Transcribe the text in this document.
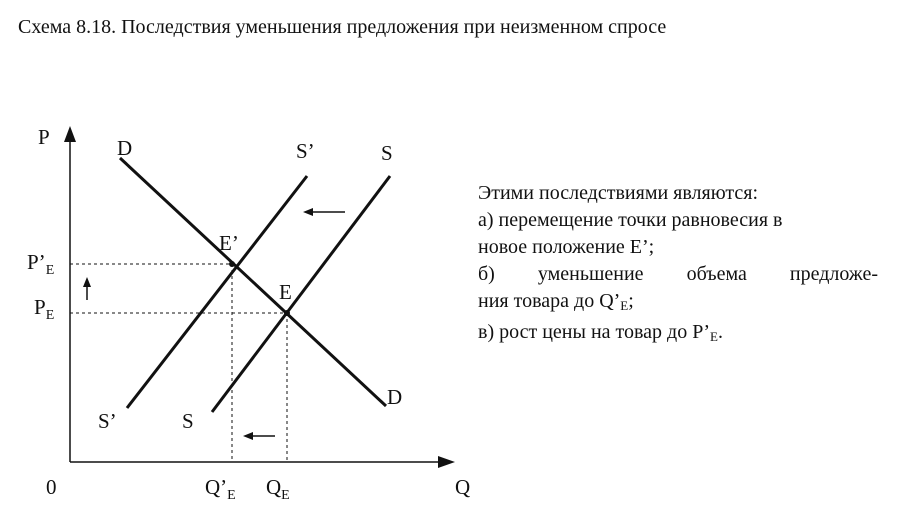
Схема 8.18. Последствия уменьшения предложения при неизменном спросе
P
Q
0
D
D
S’
S’
S
S
E’
E
$P’_E$
$P_E$
$Q’_E$ $Q_E$
Этими последствиями являются:
а) перемещение точки равновесия в
новое положение E’;
б) уменьшение объема предложе-
ния товара до $Q’_E$;
в) рост цены на товар до $P’_E$.
